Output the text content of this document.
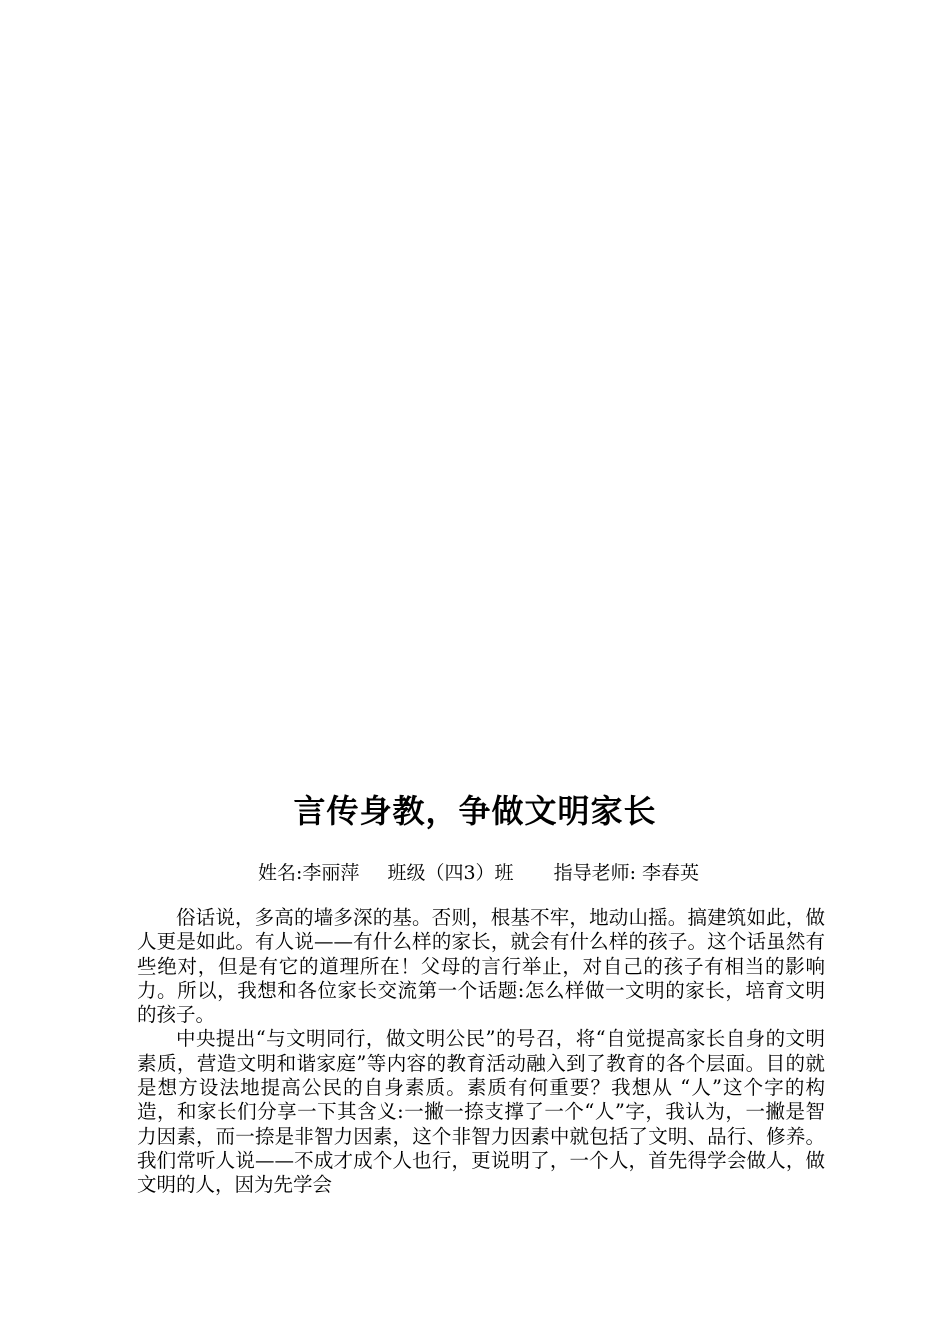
言传身教，争做文明家长
姓名:李丽萍 班级（四3）班 指导老师: 李春英

俗话说，多高的墙多深的基。否则，根基不牢，地动山摇。搞建筑如此，做人更是如此。有人说——有什么样的家长，就会有什么样的孩子。这个话虽然有些绝对，但是有它的道理所在！父母的言行举止，对自己的孩子有相当的影响力。所以，我想和各位家长交流第一个话题:怎么样做一文明的家长，培育文明的孩子。

中央提出“与文明同行，做文明公民”的号召，将“自觉提高家长自身的文明素质，营造文明和谐家庭”等内容的教育活动融入到了教育的各个层面。目的就是想方设法地提高公民的自身素质。素质有何重要？我想从 “人”这个字的构造，和家长们分享一下其含义:一撇一捺支撑了一个“人”字，我认为，一撇是智力因素，而一捺是非智力因素，这个非智力因素中就包括了文明、品行、修养。我们常听人说——不成才成个人也行，更说明了，一个人，首先得学会做人，做文明的人，因为先学会
